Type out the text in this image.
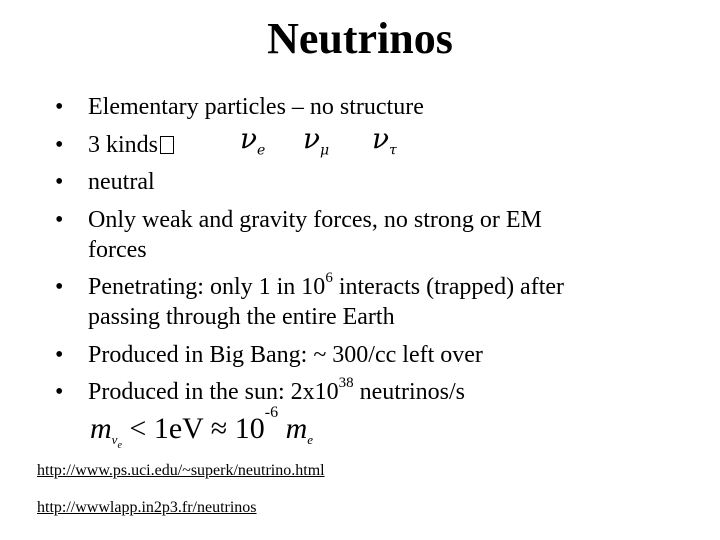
Neutrinos
• Elementary particles – no structure
• 3 kinds	$\nu_e$ $\nu_\mu$ $\nu_\tau$
• neutral
• Only weak and gravity forces, no strong or EM
forces
• Penetrating: only 1 in $10^6$ interacts (trapped) after
passing through the entire Earth
• Produced in Big Bang: ~ 300/cc left over
• Produced in the sun: $2x10^{38}$ neutrinos/s
$m_{\nu_e} < 1eV \approx 10^{-6}$ $m_e$
http://www.ps.uci.edu/~superk/neutrino.html
http://wwwlapp.in2p3.fr/neutrinos
